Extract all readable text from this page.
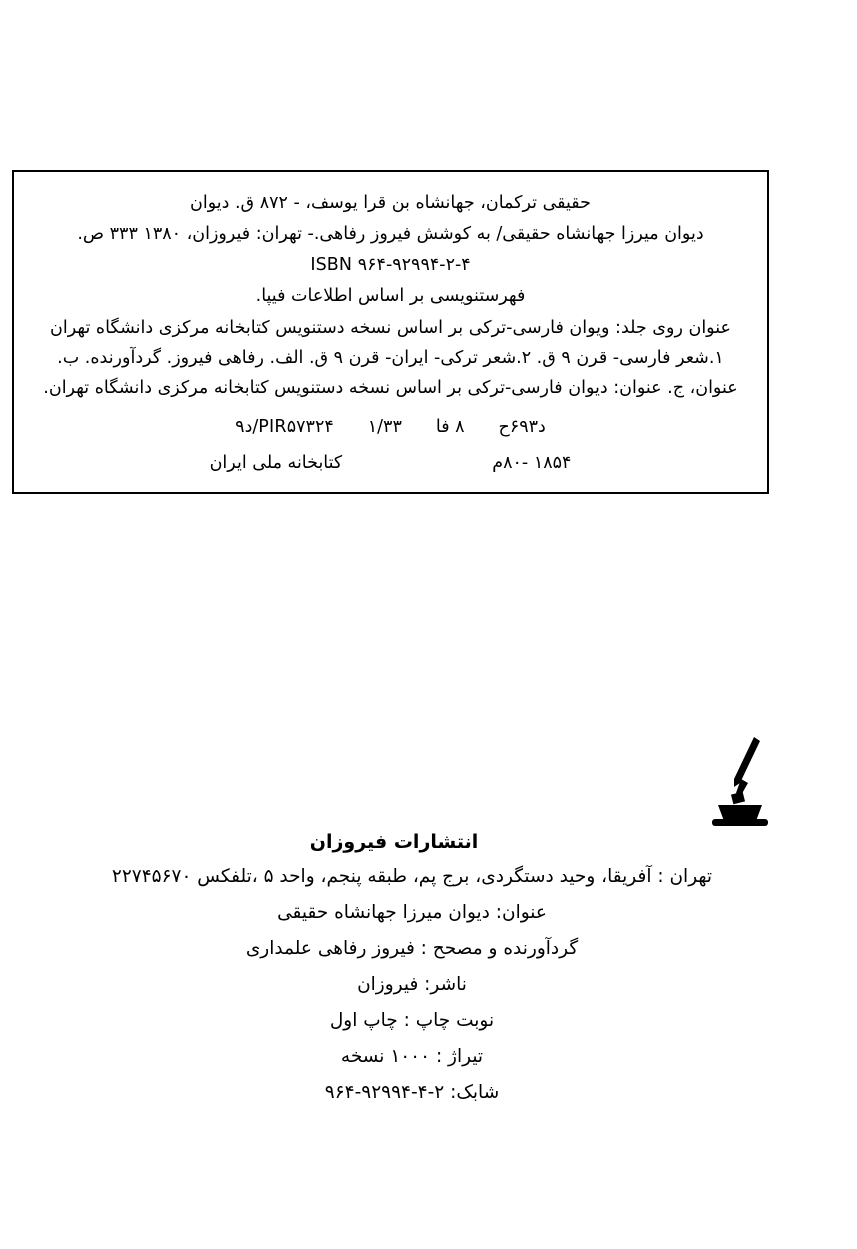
حقیقی ترکمان، جهانشاه بن قرا یوسف، - ۸۷۲ ق. دیوان
دیوان میرزا جهانشاه حقیقی/ به کوشش فیروز رفاهی.- تهران: فیروزان، ۱۳۸۰ ۳۳۳ ص.
ISBN ۹۶۴-۹۲۹۹۴-۲-۴
فهرستنویسی بر اساس اطلاعات فیپا.
عنوان روی جلد: ویوان فارسی-ترکی بر اساس نسخه دستنویس کتابخانه مرکزی دانشگاه تهران
۱.شعر فارسی- قرن ۹ ق. ۲.شعر ترکی- ایران- قرن ۹ ق. الف. رفاهی فیروز. گردآورنده. ب. عنوان، ج. عنوان: دیوان فارسی-ترکی بر اساس نسخه دستنویس کتابخانه مرکزی دانشگاه تهران.
PIR۵۷۳۲۴/د۹ ۱/۳۳ ۸ فا د۶۹۳ح
کتابخانه ملی ایران	۱۸۵۴ -۸۰م
انتشارات فیروزان
تهران : آفریقا، وحید دستگردی، برج پم، طبقه پنجم، واحد ۵ ،تلفکس ۲۲۷۴۵۶۷۰
عنوان: دیوان میرزا جهانشاه حقیقی
گردآورنده و مصحح : فیروز رفاهی علمداری
ناشر: فیروزان
نوبت چاپ : چاپ اول
تیراژ : ۱۰۰۰ نسخه
شابک: ۲-۴-۹۲۹۹۴-۹۶۴
